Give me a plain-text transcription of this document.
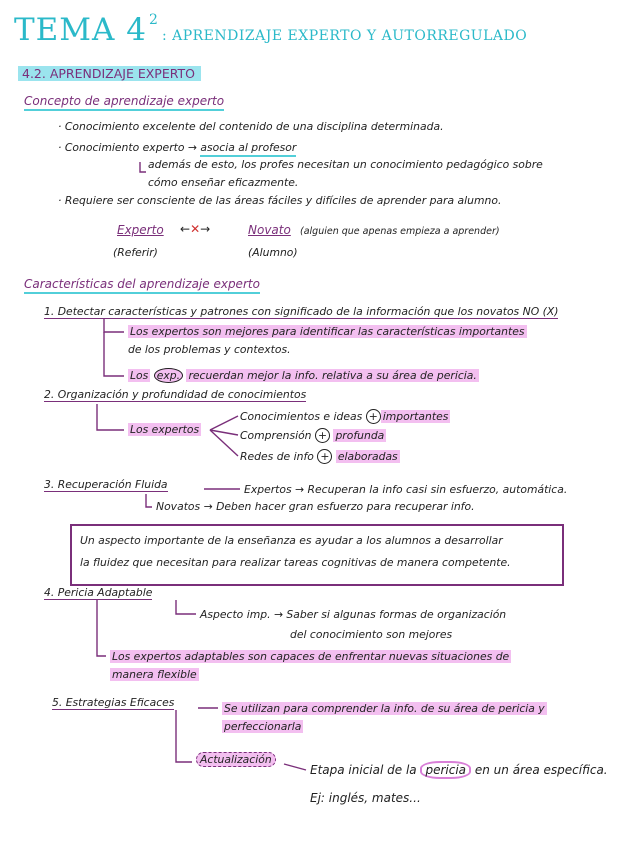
TEMA 4 2: APRENDIZAJE EXPERTO Y AUTORREGULADO
4.2. APRENDIZAJE EXPERTO
Concepto de aprendizaje experto
· Conocimiento excelente del contenido de una disciplina determinada.
· Conocimiento experto → asocia al profesor
además de esto, los profes necesitan un conocimiento pedagógico sobre
cómo enseñar eficazmente.
· Requiere ser consciente de las áreas fáciles y difíciles de aprender para alumno.
Experto
(Referir)
←✕→	Novato (alguien que apenas empieza a aprender)
(Alumno)
Características del aprendizaje experto
1. Detectar características y patrones con significado de la información que los novatos NO (X)
Los expertos son mejores para identificar las características importantes
de los problemas y contextos.
Los exp. recuerdan mejor la info. relativa a su área de pericia.
2. Organización y profundidad de conocimientos
Los expertos
Conocimientos e ideas + importantes
Comprensión + profunda
Redes de info + elaboradas
3. Recuperación Fluida	Expertos → Recuperan la info casi sin esfuerzo, automática.
Novatos → Deben hacer gran esfuerzo para recuperar info.
Un aspecto importante de la enseñanza es ayudar a los alumnos a desarrollar
la fluidez que necesitan para realizar tareas cognitivas de manera competente.
4. Pericia Adaptable
Aspecto imp. → Saber si algunas formas de organización
del conocimiento son mejores
Los expertos adaptables son capaces de enfrentar nuevas situaciones de
manera flexible
5. Estrategias Eficaces	Se utilizan para comprender la info. de su área de pericia y
perfeccionarla
Actualización
Etapa inicial de la pericia en un área específica.
Ej: inglés, mates...
